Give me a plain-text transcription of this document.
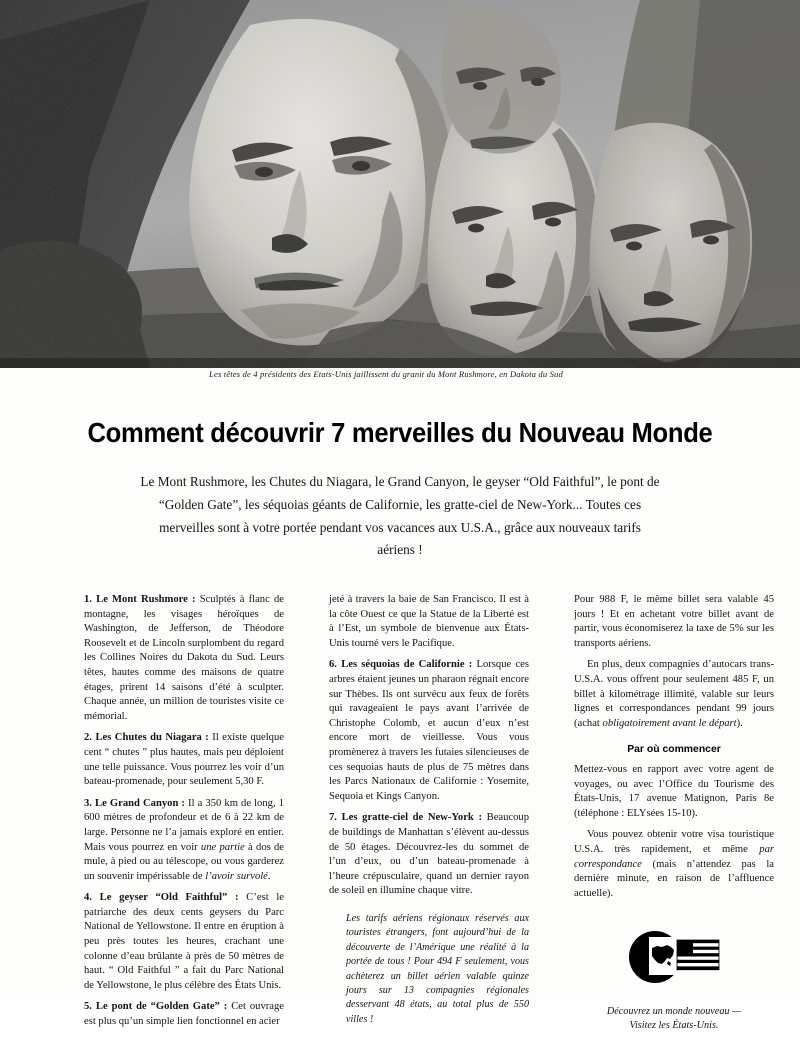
Les têtes de 4 présidents des Etats-Unis jaillissent du granit du Mont Rushmore, en Dakota du Sud
Comment découvrir 7 merveilles du Nouveau Monde
Le Mont Rushmore, les Chutes du Niagara, le Grand Canyon, le geyser “Old Faithful”, le pont de “Golden Gate”, les séquoias géants de Californie, les gratte-ciel de New-York... Toutes ces merveilles sont à votre portée pendant vos vacances aux U.S.A., grâce aux nouveaux tarifs aériens !

1. Le Mont Rushmore : Sculptés à flanc de montagne, les visages héroïques de Washington, de Jefferson, de Théodore Roosevelt et de Lincoln surplombent du regard les Collines Noires du Dakota du Sud. Leurs têtes, hautes comme des maisons de quatre étages, prirent 14 saisons d’été à sculpter. Chaque année, un million de touristes visite ce mémorial.

2. Les Chutes du Niagara : Il existe quelque cent “ chutes ” plus hautes, mais peu déploient une telle puissance. Vous pourrez les voir d’un bateau-promenade, pour seulement 5,30 F.

3. Le Grand Canyon : Il a 350 km de long, 1 600 mètres de profondeur et de 6 à 22 km de large. Personne ne l’a jamais exploré en entier. Mais vous pourrez en voir une partie à dos de mule, à pied ou au télescope, ou vous garderez un souvenir impérissable de l’avoir survolé.

4. Le geyser “Old Faithful” : C’est le patriarche des deux cents geysers du Parc National de Yellowstone. Il entre en éruption à peu près toutes les heures, crachant une colonne d’eau brûlante à près de 50 mètres de haut. “ Old Faithful ” a fait du Parc National de Yellowstone, le plus célèbre des États Unis.

5. Le pont de “Golden Gate” : Cet ouvrage est plus qu’un simple lien fonctionnel en acier

jeté à travers la baie de San Francisco. Il est à la côte Ouest ce que la Statue de la Liberté est à l’Est, un symbole de bienvenue aux États-Unis tourné vers le Pacifique.

6. Les séquoias de Californie : Lorsque ces arbres étaient jeunes un pharaon régnait encore sur Thèbes. Ils ont survécu aux feux de forêts qui ravageaient le pays avant l’arrivée de Christophe Colomb, et aucun d’eux n’est encore mort de vieillesse. Vous vous promènerez à travers les futaies silencieuses de ces sequoias hauts de plus de 75 mètres dans les Parcs Nationaux de Californie : Yosemite, Sequoia et Kings Canyon.

7. Les gratte-ciel de New-York : Beaucoup de buildings de Manhattan s’élèvent au-dessus de 50 étages. Découvrez-les du sommet de l’un d’eux, ou d’un bateau-promenade à l’heure crépusculaire, quand un dernier rayon de soleil en illumine chaque vitre.

Les tarifs aériens régionaux réservés aux touristes étrangers, font aujourd’hui de la découverte de l’Amérique une réalité à la portée de tous ! Pour 494 F seulement, vous achèterez un billet aérien valable quinze jours sur 13 compagnies régionales desservant 48 états, au total plus de 550 villes !

Pour 988 F, le même billet sera valable 45 jours ! Et en achetant votre billet avant de partir, vous économiserez la taxe de 5% sur les transports aériens.

En plus, deux compagnies d’autocars trans-U.S.A. vous offrent pour seulement 485 F, un billet à kilométrage illimité, valable sur leurs lignes et correspondances pendant 99 jours (achat obligatoirement avant le départ).

Par où commencer

Mettez-vous en rapport avec votre agent de voyages, ou avec l’Office du Tourisme des États-Unis, 17 avenue Matignon, Paris 8e (téléphone : ELYsées 15-10).

Vous pouvez obtenir votre visa touristique U.S.A. très rapidement, et même par correspondance (mais n’attendez pas la dernière minute, en raison de l’affluence actuelle).

Découvrez un monde nouveau —
Visitez les États-Unis.
